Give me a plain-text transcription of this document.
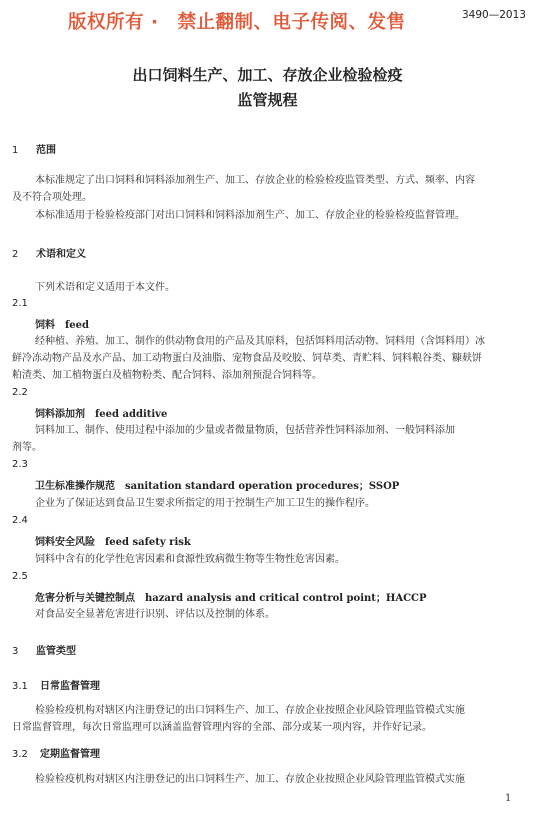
版权所有 ·　禁止翻制、电子传阅、发售	3490—2013
出口饲料生产、加工、存放企业检验检疫
监管规程
1 范围
本标准规定了出口饲料和饲料添加剂生产、加工、存放企业的检验检疫监管类型、方式、频率、内容
及不符合项处理。
本标准适用于检验检疫部门对出口饲料和饲料添加剂生产、加工、存放企业的检验检疫监督管理。
2 术语和定义
下列术语和定义适用于本文件。
2.1
饲料 feed
经种植、养殖、加工、制作的供动物食用的产品及其原料，包括饵料用活动物、饲料用（含饵料用）冰
鲜冷冻动物产品及水产品、加工动物蛋白及油脂、宠物食品及咬胶、饲草类、青贮料、饲料粮谷类、糠麸饼
粕渣类、加工植物蛋白及植物粉类、配合饲料、添加剂预混合饲料等。
2.2
饲料添加剂 feed additive
饲料加工、制作、使用过程中添加的少量或者微量物质，包括营养性饲料添加剂、一般饲料添加
剂等。
2.3
卫生标准操作规范 sanitation standard operation procedures；SSOP
企业为了保证达到食品卫生要求所指定的用于控制生产加工卫生的操作程序。
2.4
饲料安全风险 feed safety risk
饲料中含有的化学性危害因素和食源性致病微生物等生物性危害因素。
2.5
危害分析与关键控制点 hazard analysis and critical control point；HACCP
对食品安全显著危害进行识别、评估以及控制的体系。
3 监管类型
3.1 日常监督管理
检验检疫机构对辖区内注册登记的出口饲料生产、加工、存放企业按照企业风险管理监管模式实施
日常监督管理，每次日常监理可以涵盖监督管理内容的全部、部分或某一项内容，并作好记录。
3.2 定期监督管理
检验检疫机构对辖区内注册登记的出口饲料生产、加工、存放企业按照企业风险管理监管模式实施
1
